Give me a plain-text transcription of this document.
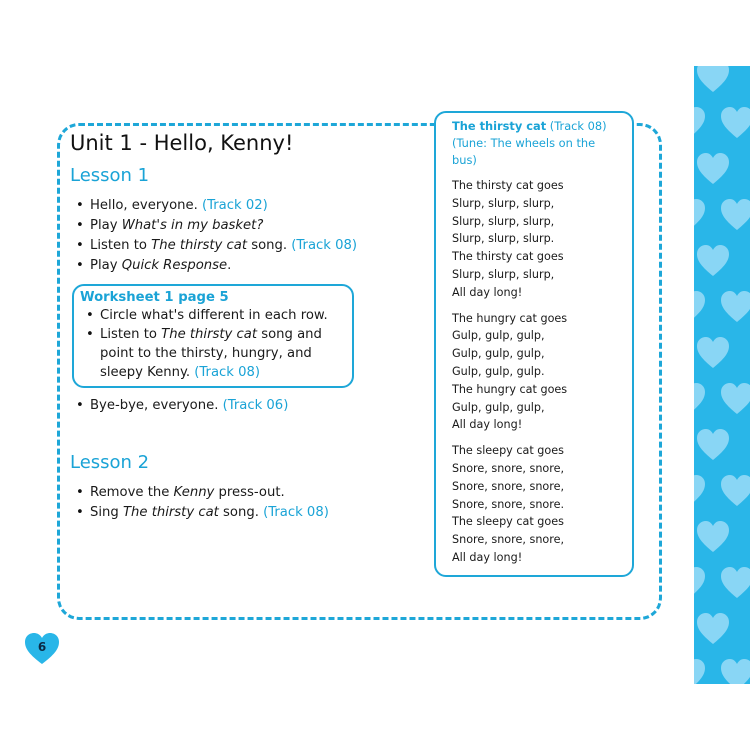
Unit 1 - Hello, Kenny!
Lesson 1
• Hello, everyone. (Track 02)
• Play What's in my basket?
• Listen to The thirsty cat song. (Track 08)
• Play Quick Response.
Worksheet 1 page 5
• Circle what's different in each row.
• Listen to The thirsty cat song and point to the thirsty, hungry, and sleepy Kenny. (Track 08)
• Bye-bye, everyone. (Track 06)
Lesson 2
• Remove the Kenny press-out.
• Sing The thirsty cat song. (Track 08)
The thirsty cat (Track 08)
(Tune: The wheels on the bus)
The thirsty cat goes
Slurp, slurp, slurp,
Slurp, slurp, slurp,
Slurp, slurp, slurp.
The thirsty cat goes
Slurp, slurp, slurp,
All day long!
The hungry cat goes
Gulp, gulp, gulp,
Gulp, gulp, gulp,
Gulp, gulp, gulp.
The hungry cat goes
Gulp, gulp, gulp,
All day long!
The sleepy cat goes
Snore, snore, snore,
Snore, snore, snore,
Snore, snore, snore.
The sleepy cat goes
Snore, snore, snore,
All day long!
6
